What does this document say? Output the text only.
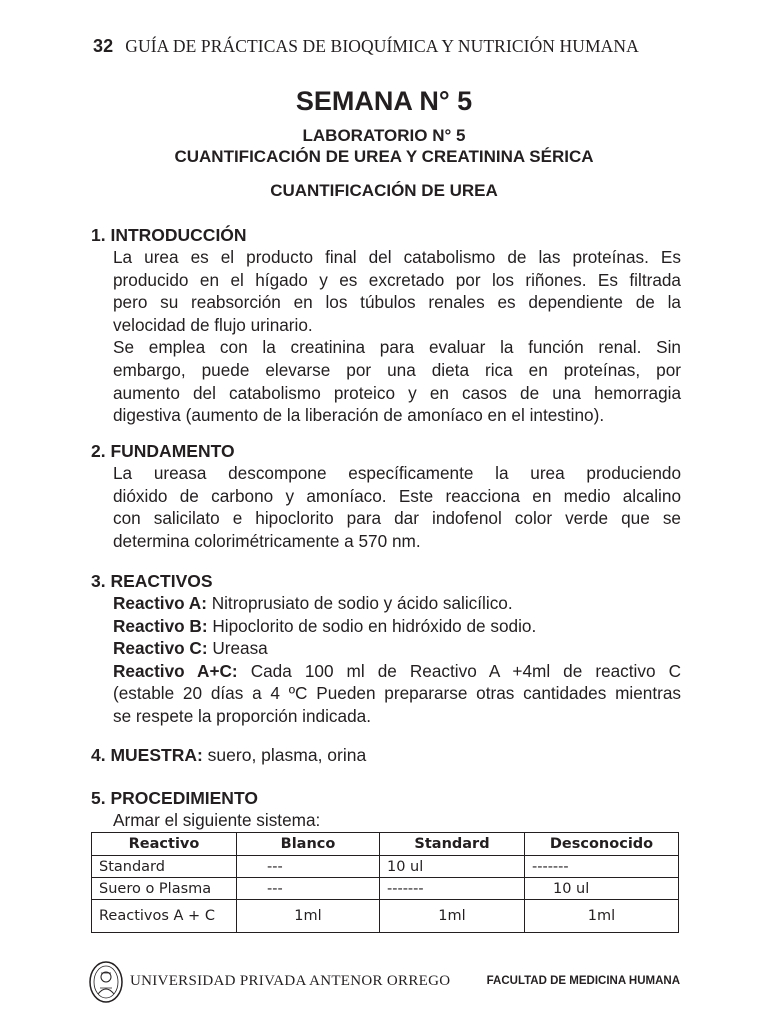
32 GUÍA DE PRÁCTICAS DE BIOQUÍMICA Y NUTRICIÓN HUMANA
SEMANA N° 5
LABORATORIO N° 5
CUANTIFICACIÓN DE UREA Y CREATININA SÉRICA
CUANTIFICACIÓN DE UREA
1. INTRODUCCIÓN
La urea es el producto final del catabolismo de las proteínas. Es
producido en el hígado y es excretado por los riñones. Es filtrada
pero su reabsorción en los túbulos renales es dependiente de la
velocidad de flujo urinario.
Se emplea con la creatinina para evaluar la función renal. Sin
embargo, puede elevarse por una dieta rica en proteínas, por
aumento del catabolismo proteico y en casos de una hemorragia
digestiva (aumento de la liberación de amoníaco en el intestino).
2. FUNDAMENTO
La ureasa descompone específicamente la urea produciendo
dióxido de carbono y amoníaco. Este reacciona en medio alcalino
con salicilato e hipoclorito para dar indofenol color verde que se
determina colorimétricamente a 570 nm.
3. REACTIVOS
Reactivo A: Nitroprusiato de sodio y ácido salicílico.
Reactivo B: Hipoclorito de sodio en hidróxido de sodio.
Reactivo C: Ureasa
Reactivo A+C: Cada 100 ml de Reactivo A +4ml de reactivo C
(estable 20 días a 4 ºC Pueden prepararse otras cantidades mientras
se respete la proporción indicada.
4. MUESTRA: suero, plasma, orina
5. PROCEDIMIENTO
Armar el siguiente sistema:
Reactivo	Blanco	Standard	Desconocido
Standard	---	10 ul	-------
Suero o Plasma	---	-------	10 ul
Reactivos A + C	1ml	1ml	1ml
UNIVERSIDAD PRIVADA ANTENOR ORREGO	FACULTAD DE MEDICINA HUMANA
